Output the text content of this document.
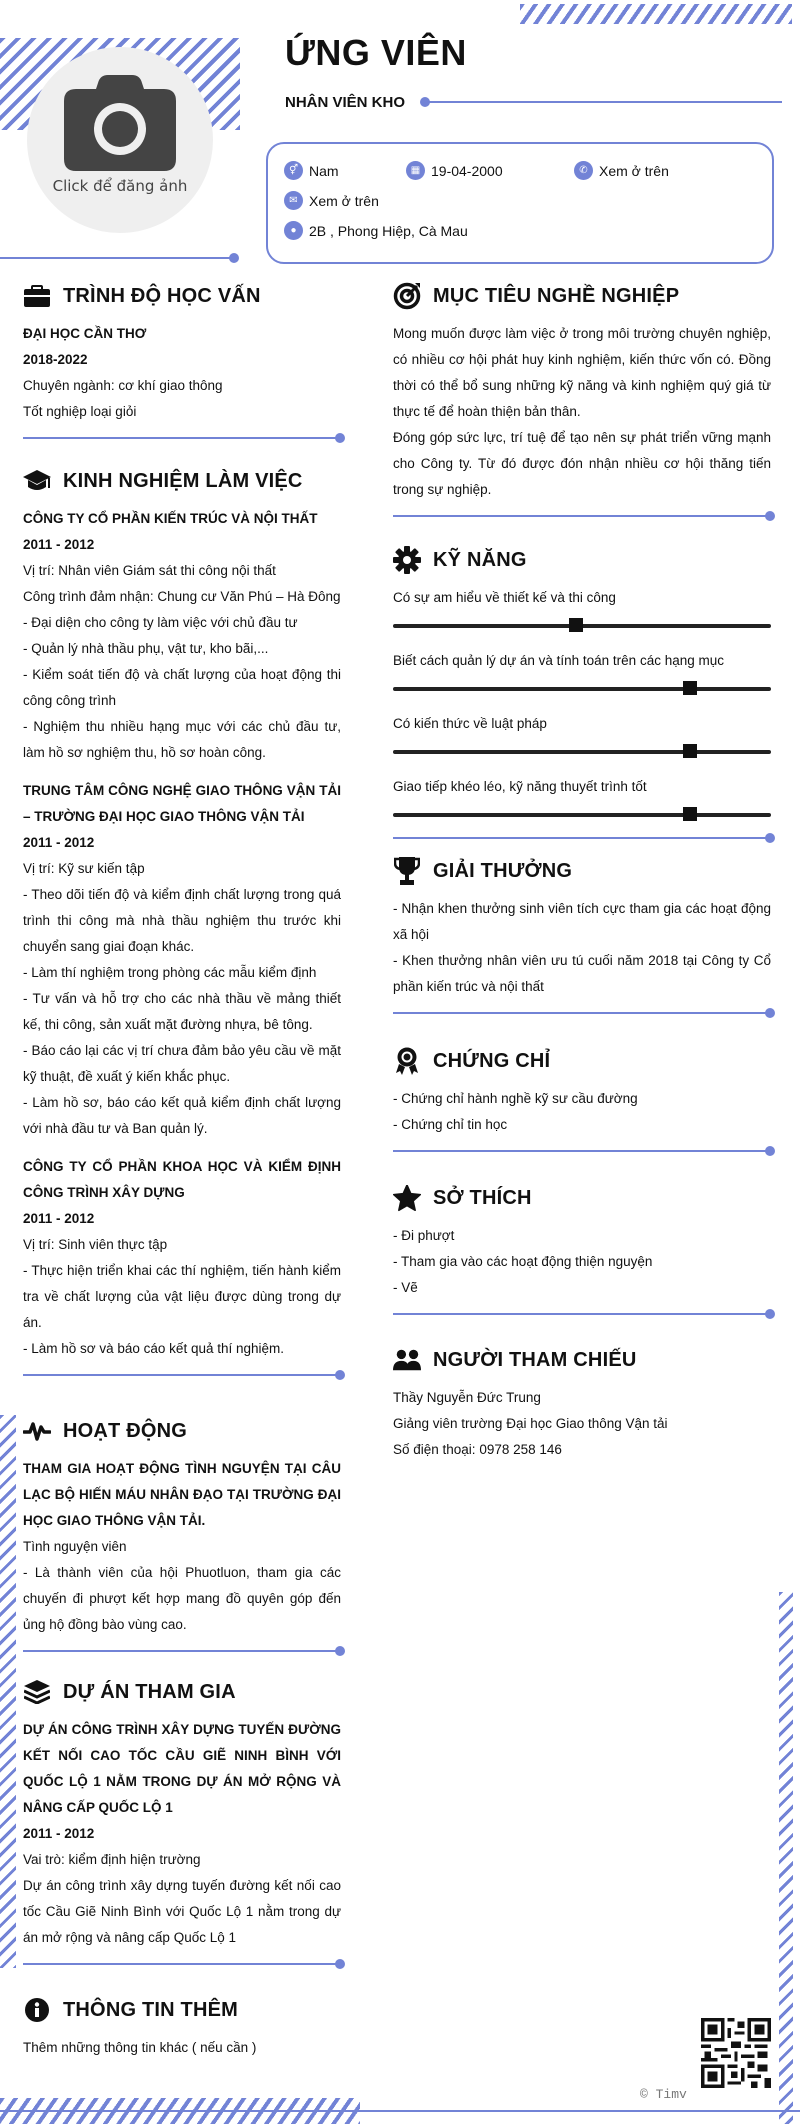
Click để đăng ảnh
ỨNG VIÊN
NHÂN VIÊN KHO
⚥ Nam	▦ 19-04-2000	✆ Xem ở trên
✉ Xem ở trên
● 2B , Phong Hiệp, Cà Mau
TRÌNH ĐỘ HỌC VẤN
ĐẠI HỌC CẦN THƠ
2018-2022
Chuyên ngành: cơ khí giao thông
Tốt nghiệp loại giỏi
KINH NGHIỆM LÀM VIỆC
CÔNG TY CỔ PHẦN KIẾN TRÚC VÀ NỘI THẤT
2011 - 2012
Vị trí: Nhân viên Giám sát thi công nội thất
Công trình đảm nhận: Chung cư Văn Phú – Hà Đông
- Đại diện cho công ty làm việc với chủ đầu tư
- Quản lý nhà thầu phụ, vật tư, kho bãi,...
- Kiểm soát tiến độ và chất lượng của hoạt động thi công công trình
- Nghiệm thu nhiều hạng mục với các chủ đầu tư, làm hồ sơ nghiệm thu, hồ sơ hoàn công.
TRUNG TÂM CÔNG NGHỆ GIAO THÔNG VẬN TẢI – TRƯỜNG ĐẠI HỌC GIAO THÔNG VẬN TẢI
2011 - 2012
Vị trí: Kỹ sư kiến tập
- Theo dõi tiến độ và kiểm định chất lượng trong quá trình thi công mà nhà thầu nghiệm thu trước khi chuyển sang giai đoạn khác.
- Làm thí nghiệm trong phòng các mẫu kiểm định
- Tư vấn và hỗ trợ cho các nhà thầu về mảng thiết kế, thi công, sản xuất mặt đường nhựa, bê tông.
- Báo cáo lại các vị trí chưa đảm bảo yêu cầu về mặt kỹ thuật, đề xuất ý kiến khắc phục.
- Làm hồ sơ, báo cáo kết quả kiểm định chất lượng với nhà đầu tư và Ban quản lý.
CÔNG TY CỔ PHẦN KHOA HỌC VÀ KIỂM ĐỊNH CÔNG TRÌNH XÂY DỰNG
2011 - 2012
Vị trí: Sinh viên thực tập
- Thực hiện triển khai các thí nghiệm, tiến hành kiểm tra về chất lượng của vật liệu được dùng trong dự án.
- Làm hồ sơ và báo cáo kết quả thí nghiệm.
HOẠT ĐỘNG
THAM GIA HOẠT ĐỘNG TÌNH NGUYỆN TẠI CÂU LẠC BỘ HIẾN MÁU NHÂN ĐẠO TẠI TRƯỜNG ĐẠI HỌC GIAO THÔNG VẬN TẢI.
Tình nguyện viên
- Là thành viên của hội Phuotluon, tham gia các chuyến đi phượt kết hợp mang đồ quyên góp đến ủng hộ đồng bào vùng cao.
DỰ ÁN THAM GIA
DỰ ÁN CÔNG TRÌNH XÂY DỰNG TUYẾN ĐƯỜNG KẾT NỐI CAO TỐC CẦU GIẼ NINH BÌNH VỚI QUỐC LỘ 1 NẰM TRONG DỰ ÁN MỞ RỘNG VÀ NÂNG CẤP QUỐC LỘ 1
2011 - 2012
Vai trò: kiểm định hiện trường
Dự án công trình xây dựng tuyến đường kết nối cao tốc Cầu Giẽ Ninh Bình với Quốc Lộ 1 nằm trong dự án mở rộng và nâng cấp Quốc Lộ 1
THÔNG TIN THÊM
Thêm những thông tin khác ( nếu cần )
MỤC TIÊU NGHỀ NGHIỆP
Mong muốn được làm việc ở trong môi trường chuyên nghiệp, có nhiều cơ hội phát huy kinh nghiệm, kiến thức vốn có. Đồng thời có thể bổ sung những kỹ năng và kinh nghiệm quý giá từ thực tế để hoàn thiện bản thân.
Đóng góp sức lực, trí tuệ để tạo nên sự phát triển vững mạnh cho Công ty. Từ đó được đón nhận nhiều cơ hội thăng tiến trong sự nghiệp.
KỸ NĂNG
Có sự am hiểu về thiết kế và thi công
Biết cách quản lý dự án và tính toán trên các hạng mục
Có kiến thức về luật pháp
Giao tiếp khéo léo, kỹ năng thuyết trình tốt
GIẢI THƯỞNG
- Nhận khen thưởng sinh viên tích cực tham gia các hoạt động xã hội
- Khen thưởng nhân viên ưu tú cuối năm 2018 tại Công ty Cổ phần kiến trúc và nội thất
CHỨNG CHỈ
- Chứng chỉ hành nghề kỹ sư cầu đường
- Chứng chỉ tin học
SỞ THÍCH
- Đi phượt
- Tham gia vào các hoạt động thiện nguyện
- Vẽ
NGƯỜI THAM CHIẾU
Thầy Nguyễn Đức Trung
Giảng viên trường Đại học Giao thông Vận tải
Số điện thoại: 0978 258 146
© Timv
